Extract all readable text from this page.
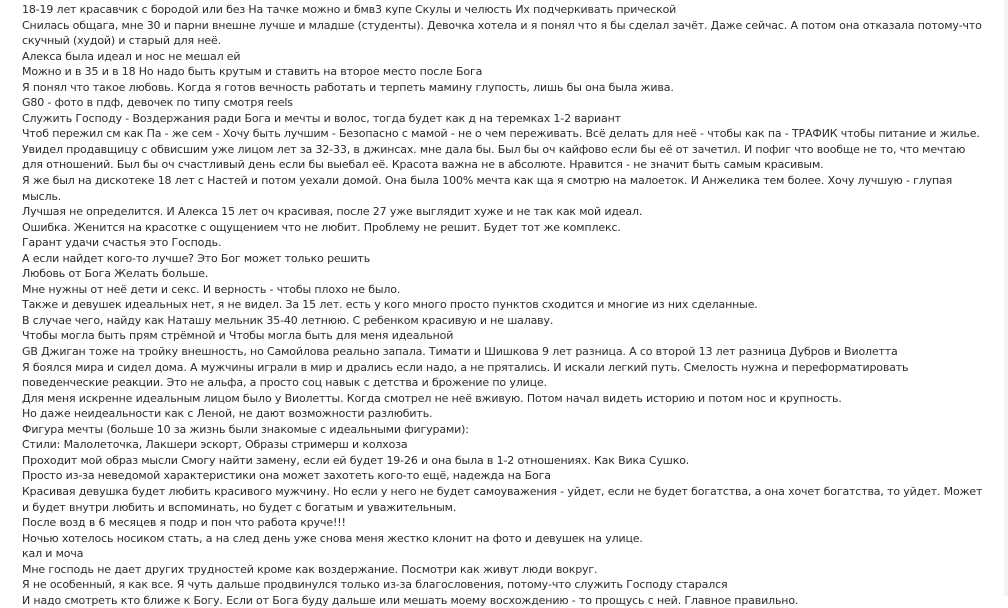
18-19 лет красавчик с бородой или без На тачке можно и бмв3 купе Скулы и челюсть Их подчеркивать прической

Снилась общага, мне 30 и парни внешне лучше и младше (студенты). Девочка хотела и я понял что я бы сделал зачёт. Даже сейчас. А потом она отказала потому-что скучный (худой) и старый для неё.

Алекса была идеал и нос не мешал ей

Можно и в 35 и в 18 Но надо быть крутым и ставить на второе место после Бога

Я понял что такое любовь. Когда я готов вечность работать и терпеть мамину глупость, лишь бы она была жива.

G80 - фото в пдф, девочек по типу смотря reels

Служить Господу - Воздержания ради Бога и мечты и волос, тогда будет как д на теремках 1-2 вариант

Чтоб пережил см как Па - же сем - Хочу быть лучшим - Безопасно с мамой - не о чем переживать. Всё делать для неё - чтобы как па - ТРАФИК чтобы питание и жилье.

Увидел продавщицу с обвисшим уже лицом лет за 32-33, в джинсах. мне дала бы. Был бы оч кайфово если бы её от зачетил. И пофиг что вообще не то, что мечтаю для отношений. Был бы оч счастливый день если бы выебал её. Красота важна не в абсолюте. Нравится - не значит быть самым красивым.

Я же был на дискотеке 18 лет с Настей и потом уехали домой. Она была 100% мечта как ща я смотрю на малоеток. И Анжелика тем более. Хочу лучшую - глупая мысль.

Лучшая не определится. И Алекса 15 лет оч красивая, после 27 уже выглядит хуже и не так как мой идеал.

Ошибка. Женится на красотке с ощущением что не любит. Проблему не решит. Будет тот же комплекс.

Гарант удачи счастья это Господь.

А если найдет кого-то лучше? Это Бог может только решить

Любовь от Бога Желать больше.

Мне нужны от неё дети и секс. И верность - чтобы плохо не было.

Также и девушек идеальных нет, я не видел. За 15 лет. есть у кого много просто пунктов сходится и многие из них сделанные.

В случае чего, найду как Наташу мельник 35-40 летнюю. С ребенком красивую и не шалаву.

Чтобы могла быть прям стрёмной и Чтобы могла быть для меня идеальной

GB Джиган тоже на тройку внешность, но Самойлова реально запала. Тимати и Шишкова 9 лет разница. А со второй 13 лет разница Дубров и Виолетта

Я боялся мира и сидел дома. А мужчины играли в мир и дрались если надо, а не прятались. И искали легкий путь. Смелость нужна и переформатировать поведенческие реакции. Это не альфа, а просто соц навык с детства и брожение по улице.

Для меня искренне идеальным лицом было у Виолетты. Когда смотрел не неё вживую. Потом начал видеть историю и потом нос и крупность.

Но даже неидеальности как с Леной, не дают возможности разлюбить.

Фигура мечты (больше 10 за жизнь были знакомые с идеальными фигурами):

Стили: Малолеточка, Лакшери эскорт, Образы стримерш и колхоза

Проходит мой образ мысли Смогу найти замену, если ей будет 19-26 и она была в 1-2 отношениях. Как Вика Сушко.

Просто из-за неведомой характеристики она может захотеть кого-то ещё, надежда на Бога

Красивая девушка будет любить красивого мужчину. Но если у него не будет самоуважения - уйдет, если не будет богатства, а она хочет богатства, то уйдет. Может и будет внутри любить и вспоминать, но будет с богатым и уважительным.

После возд в 6 месяцев я подр и пон что работа круче!!!

Ночью хотелось носиком стать, а на след день уже снова меня жестко клонит на фото и девушек на улице.

кал и моча

Мне господь не дает других трудностей кроме как воздержание. Посмотри как живут люди вокруг.

Я не особенный, я как все. Я чуть дальше продвинулся только из-за благословения, потому-что служить Господу старался

И надо смотреть кто ближе к Богу. Если от Бога буду дальше или мешать моему восхождению - то прощусь с ней. Главное правильно.
